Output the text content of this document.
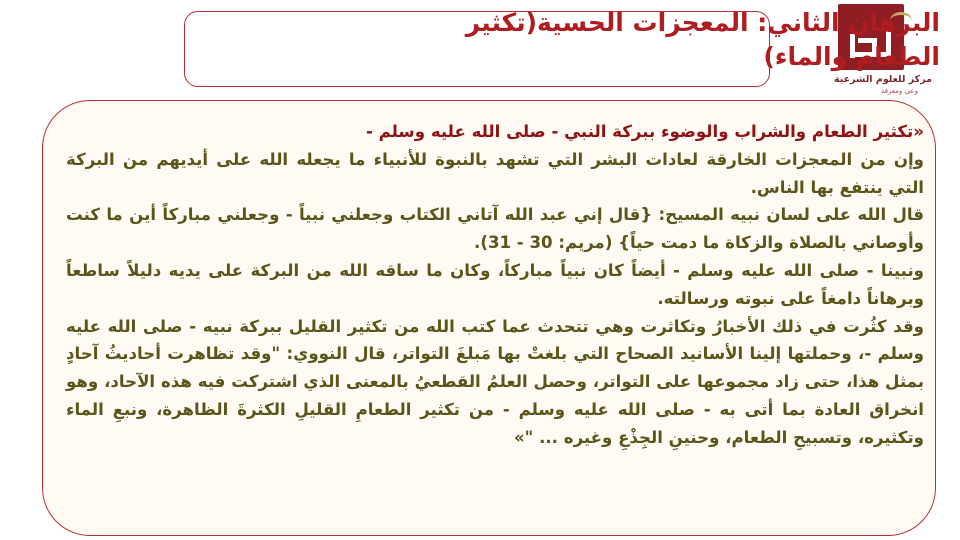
مركز للعلوم الشرعية
وعي ومعرفة
البرهان الثاني: المعجزات الحسية(تكثير الطعام والماء)

«تكثير الطعام والشراب والوضوء ببركة النبي - صلى الله عليه وسلم -

وإن من المعجزات الخارقة لعادات البشر التي تشهد بالنبوة للأنبياء ما يجعله الله على أيديهم من البركة التي ينتفع بها الناس.

قال الله على لسان نبيه المسيح: {قال إني عبد الله آتاني الكتاب وجعلني نبياً - وجعلني مباركاً أين ما كنت وأوصاني بالصلاة والزكاة ما دمت حياً} (مريم: 30 - 31).

ونبينا - صلى الله عليه وسلم - أيضاً كان نبياً مباركاً، وكان ما ساقه الله من البركة على يديه دليلاً ساطعاً وبرهاناً دامغاً على نبوته ورسالته.

وقد كثُرت في ذلك الأخبارُ وتكاثرت وهي تتحدث عما كتب الله من تكثير القليل ببركة نبيه - صلى الله عليه وسلم -، وحملتها إلينا الأسانيد الصحاح التي بلغتْ بها مَبلغَ التواتر، قال النووي: "وقد تظاهرت أحاديثُ آحادٍ بمثل هذا، حتى زاد مجموعها على التواتر، وحصل العلمُ القطعيُ بالمعنى الذي اشتركت فيه هذه الآحاد، وهو انخراق العادة بما أتى به - صلى الله عليه وسلم - من تكثير الطعامِ القليلِ الكثرةَ الظاهرة، ونبعِ الماء وتكثيره، وتسبيحِ الطعام، وحنينِ الجِذْعِ وغيره ... "»
